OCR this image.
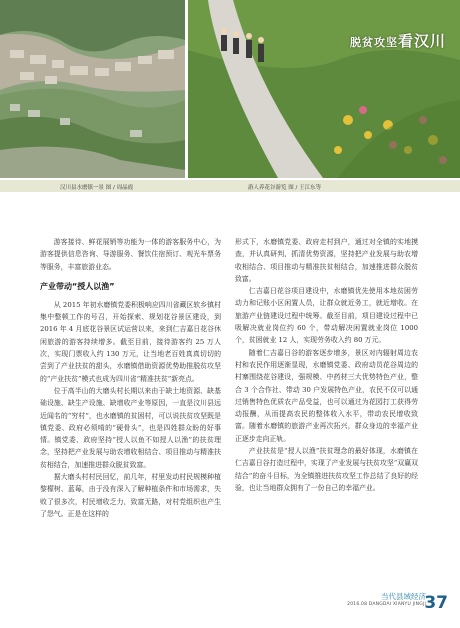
脱贫攻坚看汉川
汉川县水磨镇一景 图 / 周晶霞	游人养花谷游览 图 / 王江东等

游客接待、鲜花展销等功能为一体的游客服务中心，为游客提供信息咨询、导游服务、餐饮住宿预订、观光车票务等服务，丰富旅游业态。

产业带动“授人以渔”

从 2015 年初水磨镇党委积极响应四川省藏区软乡镇村集中整顿工作的号召，开始探索、规划花谷景区建设，到 2016 年 4 月底花谷景区试运营以来，来到仁吉嘉日花谷休闲旅游的游客持续增多。截至目前，接待游客约 25 万人次，实现门票收入约 130 万元，让当地老百姓真真切切的尝到了产业扶贫的甜头，水磨镇借助资源优势助推脱贫攻坚的“产业扶贫”模式也成为四川省“精准扶贫”新亮点。

位于高半山的大磨头村长期以来由于缺土地资源、缺基础设施、缺生产设施、缺增收产业等原因，一直是汶川县远近闻名的“穷村”，也水磨镇的贫困村，可以说扶贫攻坚既是镇党委、政府必须啃的“硬骨头”，也是四姓群众盼的好事情。镇党委、政府坚持“授人以鱼不如授人以渔”的扶贫理念，坚持把产业发展与助农增收相结合、项目推动与精准扶贫相结合，加速推进群众脱贫致富。

据大磨头村村民回忆，前几年，村里发动村民规模种植黎檬树、蓝莓，由于没有深入了解种植条件和市场需求，失败了很多次，村民增收乏力，致富无路，对村党组织也产生了怨气。正是在这样的

形式下，水磨镇党委、政府走村到户，通过对全镇的实地摸查，并认真研判，抓清优势资源，坚持把产业发展与助农增收相结合、项目推动与精准扶贫相结合，加速推进群众脱贫致富。

仁吉嘉日花谷项目建设中，水磨镇优先使用本地贫困劳动力和记账小区闲置人员，让群众就近务工，就近增收。在旅游产业链建设过程中统筹。截至目前，项目建设过程中已吸解决就业岗位约 60 个，带动解决闲置就业岗位 1000 个，贫困就业 12 人，实现劳务收入约 80 万元。

随着仁吉嘉日谷的游客逐步增多，景区对内辐射周边农村和农民作用逐渐显现，水磨镇党委、政府动员花谷周边的村寨围绕花谷建设，强规模、中药材三大优势特色产业，整合 3 个合作社、带动 30 户发展特色产业，农民不仅可以通过销售特色优质农产品受益，也可以通过为花园打工获得劳动报酬，从而提高农民的整体收入水平，带动农民增收致富。随着水磨镇的旅游产业再次拓兴，群众身边的幸福产业正逐步走向正轨。

产业扶贫是“授人以渔”扶贫理念的最好体现，水磨镇在仁吉嘉日谷打造过程中，实现了产业发展与扶贫攻坚“双赢双结合”的奋斗目标，为全镇推进扶贫攻坚工作总结了良好的经验，也让当地群众拥有了一份自己的幸福产业。

当代县域经济
2016.08 DANGDAI XIANYU JINGJI
37
